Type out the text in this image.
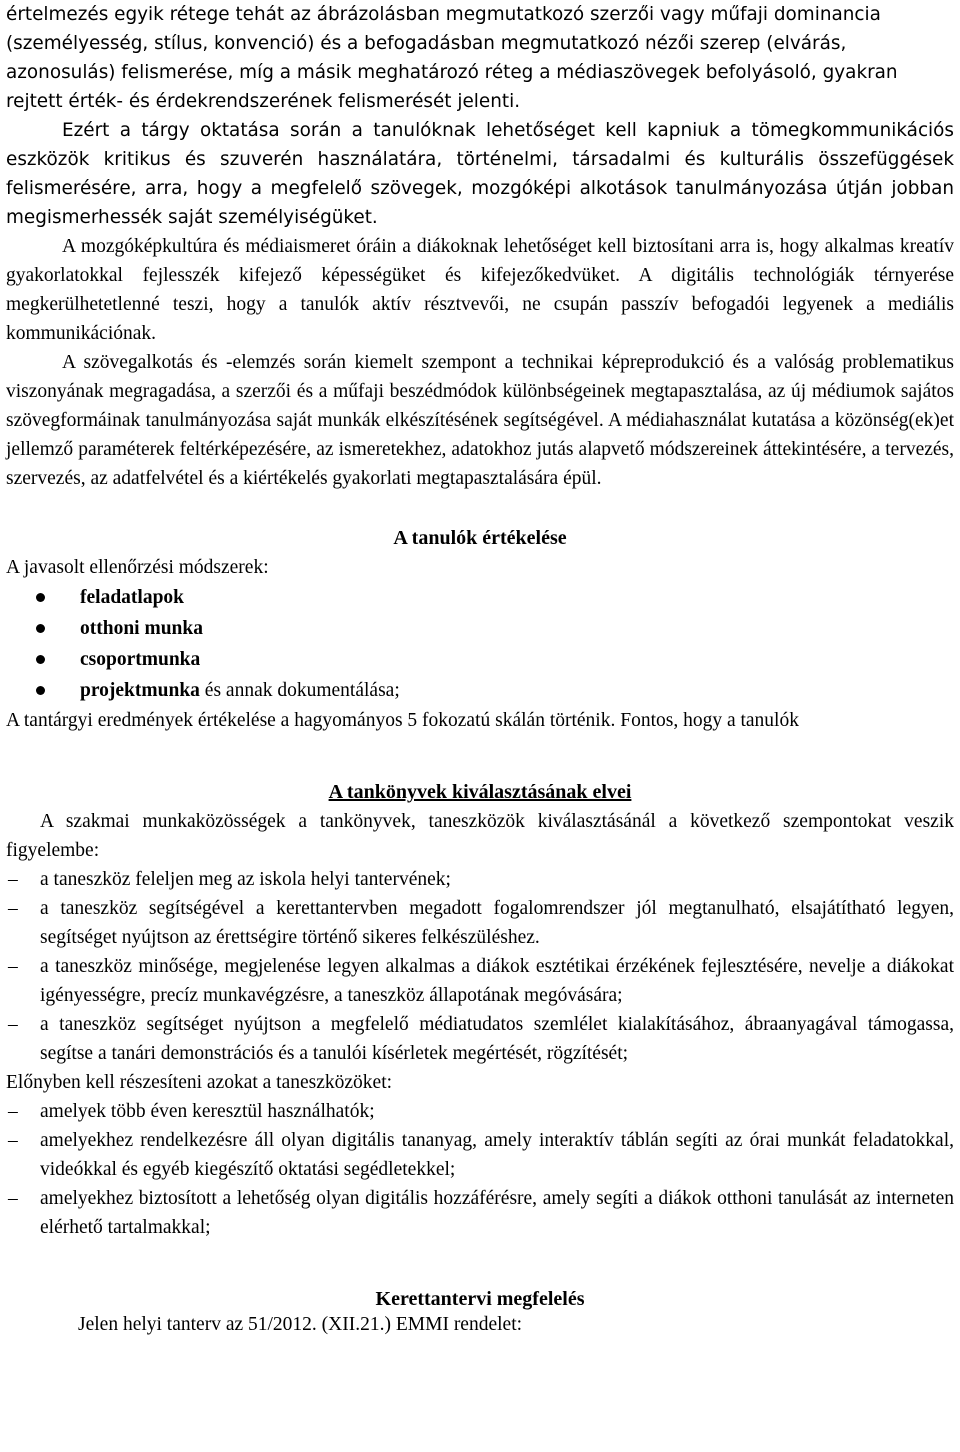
értelmezés egyik rétege tehát az ábrázolásban megmutatkozó szerzői vagy műfaji dominancia (személyesség, stílus, konvenció) és a befogadásban megmutatkozó nézői szerep (elvárás, azonosulás) felismerése, míg a másik meghatározó réteg a médiaszövegek befolyásoló, gyakran rejtett érték- és érdekrendszerének felismerését jelenti.

Ezért a tárgy oktatása során a tanulóknak lehetőséget kell kapniuk a tömegkommunikációs eszközök kritikus és szuverén használatára, történelmi, társadalmi és kulturális összefüggések felismerésére, arra, hogy a megfelelő szövegek, mozgóképi alkotások tanulmányozása útján jobban megismerhessék saját személyiségüket.

A mozgóképkultúra és médiaismeret óráin a diákoknak lehetőséget kell biztosítani arra is, hogy alkalmas kreatív gyakorlatokkal fejlesszék kifejező képességüket és kifejezőkedvüket. A digitális technológiák térnyerése megkerülhetetlenné teszi, hogy a tanulók aktív résztvevői, ne csupán passzív befogadói legyenek a mediális kommunikációnak.

A szövegalkotás és -elemzés során kiemelt szempont a technikai képreprodukció és a valóság problematikus viszonyának megragadása, a szerzői és a műfaji beszédmódok különbségeinek megtapasztalása, az új médiumok sajátos szövegformáinak tanulmányozása saját munkák elkészítésének segítségével. A médiahasználat kutatása a közönség(ek)et jellemző paraméterek feltérképezésére, az ismeretekhez, adatokhoz jutás alapvető módszereinek áttekintésére, a tervezés, szervezés, az adatfelvétel és a kiértékelés gyakorlati megtapasztalására épül.

A tanulók értékelése

A javasolt ellenőrzési módszerek:

feladatlapok
otthoni munka
csoportmunka
projektmunka és annak dokumentálása;

A tantárgyi eredmények értékelése a hagyományos 5 fokozatú skálán történik. Fontos, hogy a tanulók

A tankönyvek kiválasztásának elvei

A szakmai munkaközösségek a tankönyvek, taneszközök kiválasztásánál a következő szempontokat veszik figyelembe:

– a taneszköz feleljen meg az iskola helyi tantervének;
– a taneszköz segítségével a kerettantervben megadott fogalomrendszer jól megtanulható, elsajátítható legyen, segítséget nyújtson az érettségire történő sikeres felkészüléshez.
– a taneszköz minősége, megjelenése legyen alkalmas a diákok esztétikai érzékének fejlesztésére, nevelje a diákokat igényességre, precíz munkavégzésre, a taneszköz állapotának megóvására;
– a taneszköz segítséget nyújtson a megfelelő médiatudatos szemlélet kialakításához, ábraanyagával támogassa, segítse a tanári demonstrációs és a tanulói kísérletek megértését, rögzítését;

Előnyben kell részesíteni azokat a taneszközöket:

– amelyek több éven keresztül használhatók;
– amelyekhez rendelkezésre áll olyan digitális tananyag, amely interaktív táblán segíti az órai munkát feladatokkal, videókkal és egyéb kiegészítő oktatási segédletekkel;
– amelyekhez biztosított a lehetőség olyan digitális hozzáférésre, amely segíti a diákok otthoni tanulását az interneten elérhető tartalmakkal;
Kerettantervi megfelelés

Jelen helyi tanterv az 51/2012. (XII.21.) EMMI rendelet:
